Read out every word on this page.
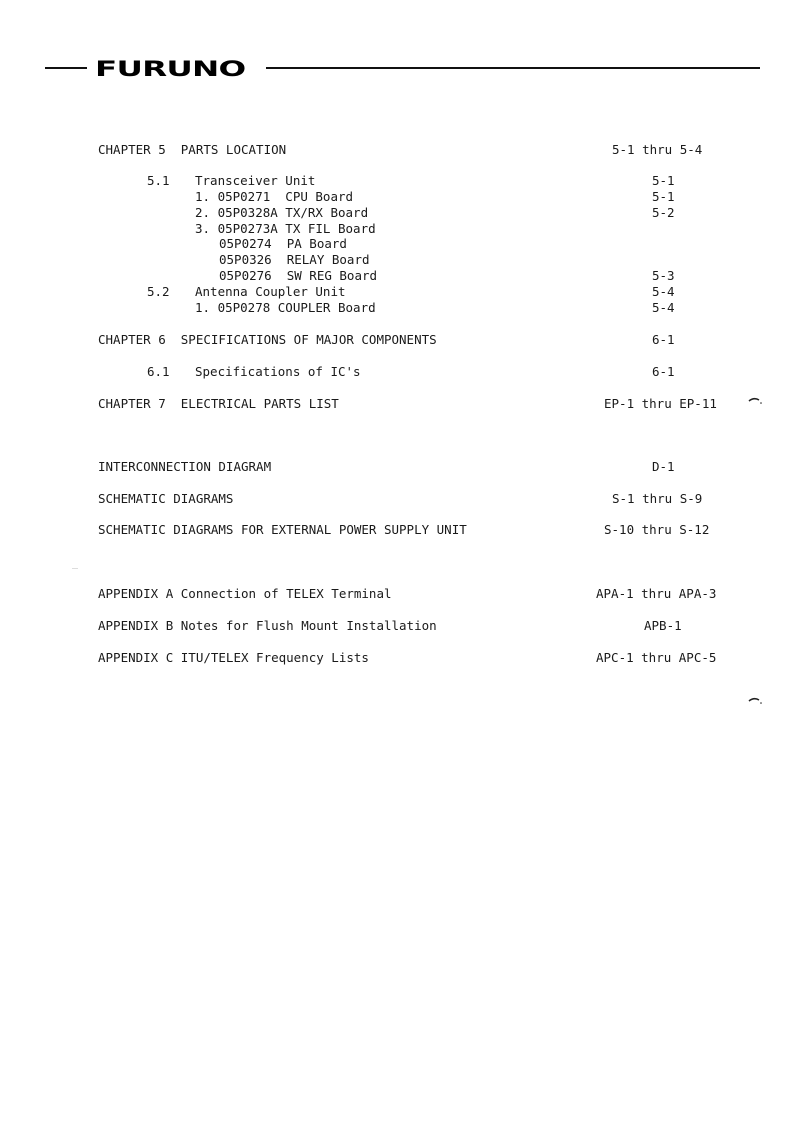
FURUNO
CHAPTER 5  PARTS LOCATION	5-1 thru 5-4
5.1 Transceiver Unit	5-1
1. 05P0271  CPU Board	5-1
2. 05P0328A TX/RX Board	5-2
3. 05P0273A TX FIL Board
05P0274  PA Board
05P0326  RELAY Board
05P0276  SW REG Board	5-3
5.2 Antenna Coupler Unit	5-4
1. 05P0278 COUPLER Board	5-4
CHAPTER 6  SPECIFICATIONS OF MAJOR COMPONENTS	6-1
6.1 Specifications of IC's	6-1
CHAPTER 7  ELECTRICAL PARTS LIST	EP-1 thru EP-11
INTERCONNECTION DIAGRAM	D-1
SCHEMATIC DIAGRAMS	S-1 thru S-9
SCHEMATIC DIAGRAMS FOR EXTERNAL POWER SUPPLY UNIT	S-10 thru S-12
APPENDIX A Connection of TELEX Terminal	APA-1 thru APA-3
APPENDIX B Notes for Flush Mount Installation	APB-1
APPENDIX C ITU/TELEX Frequency Lists	APC-1 thru APC-5
